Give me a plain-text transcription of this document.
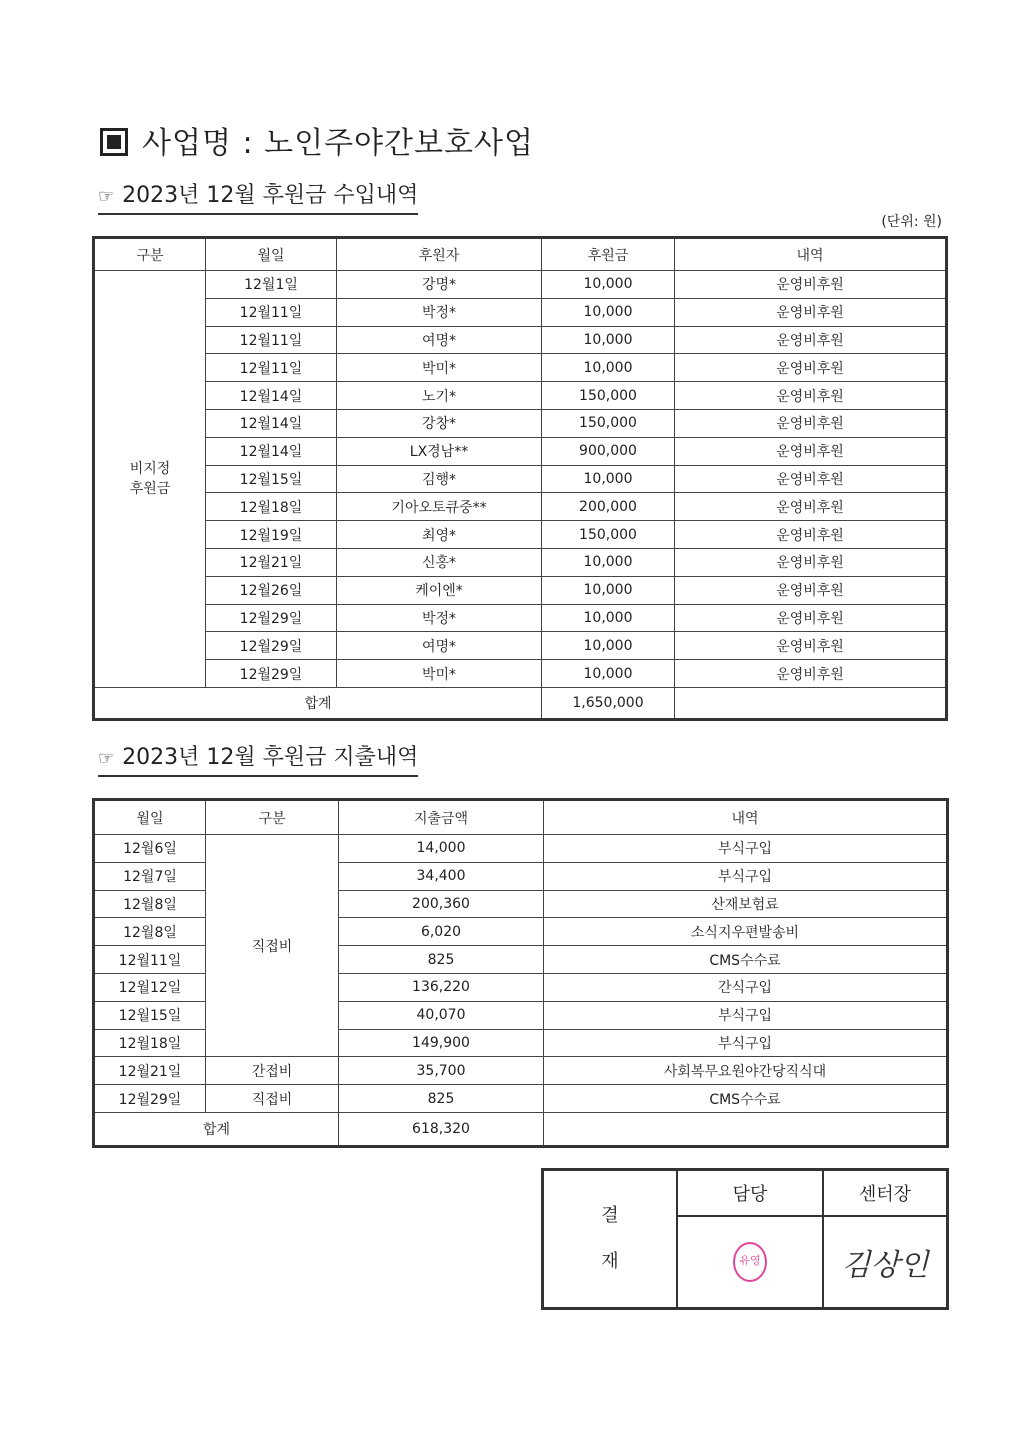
사업명 : 노인주야간보호사업
☞ 2023년 12월 후원금 수입내역
(단위: 원)
구분	월일	후원자	후원금	내역
비지정
후원금	12월1일	강명*	10,000	운영비후원
	12월11일	박정*	10,000	운영비후원
	12월11일	여명*	10,000	운영비후원
	12월11일	박미*	10,000	운영비후원
	12월14일	노기*	150,000	운영비후원
	12월14일	강창*	150,000	운영비후원
	12월14일	LX경남**	900,000	운영비후원
	12월15일	김행*	10,000	운영비후원
	12월18일	기아오토큐중**	200,000	운영비후원
	12월19일	최영*	150,000	운영비후원
	12월21일	신홍*	10,000	운영비후원
	12월26일	케이엔*	10,000	운영비후원
	12월29일	박정*	10,000	운영비후원
	12월29일	여명*	10,000	운영비후원
	12월29일	박미*	10,000	운영비후원
합계			1,650,000	
☞ 2023년 12월 후원금 지출내역
월일	구분	지출금액	내역
12월6일	직접비	14,000	부식구입
12월7일		34,400	부식구입
12월8일		200,360	산재보험료
12월8일		6,020	소식지우편발송비
12월11일		825	CMS수수료
12월12일		136,220	간식구입
12월15일		40,070	부식구입
12월18일		149,900	부식구입
12월21일	간접비	35,700	사회복무요원야간당직식대
12월29일	직접비	825	CMS수수료
합계		618,320	
결
재	담당	센터장
	유영	김상인
